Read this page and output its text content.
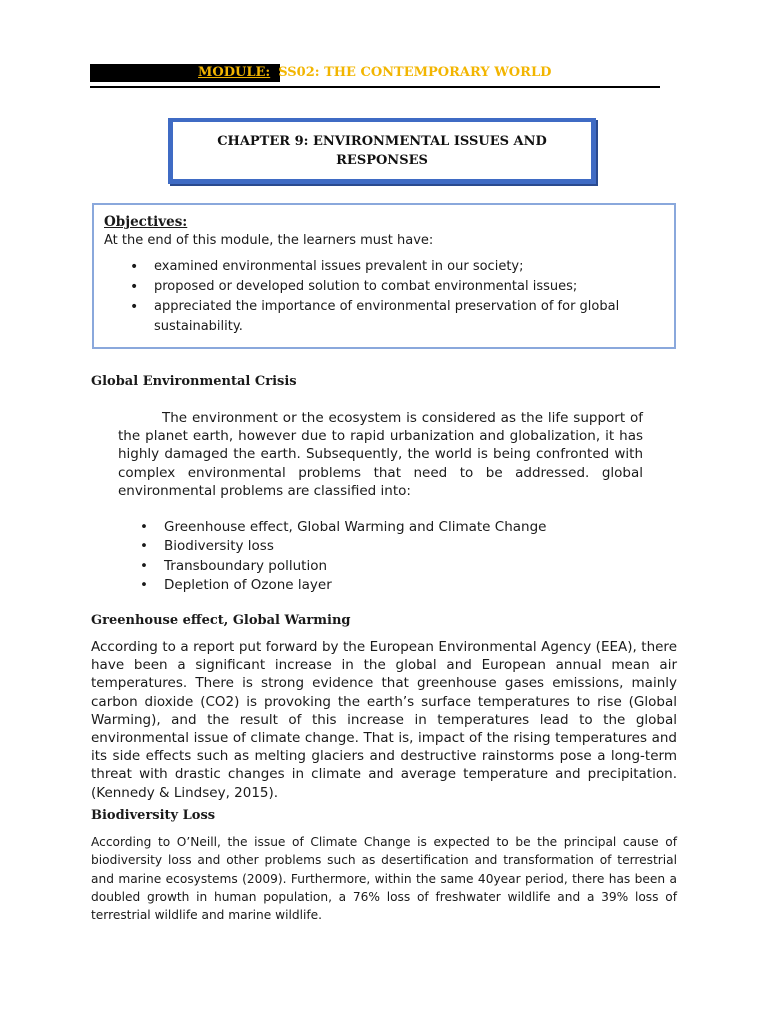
MODULE: SS02: THE CONTEMPORARY WORLD
CHAPTER 9: ENVIRONMENTAL ISSUES AND
RESPONSES
Objectives:
At the end of this module, the learners must have:
• examined environmental issues prevalent in our society;
• proposed or developed solution to combat environmental issues;
• appreciated the importance of environmental preservation of for global sustainability.
Global Environmental Crisis
The environment or the ecosystem is considered as the life support of the planet earth, however due to rapid urbanization and globalization, it has highly damaged the earth. Subsequently, the world is being confronted with complex environmental problems that need to be addressed. global environmental problems are classified into:
• Greenhouse effect, Global Warming and Climate Change
• Biodiversity loss
• Transboundary pollution
• Depletion of Ozone layer
Greenhouse effect, Global Warming
According to a report put forward by the European Environmental Agency (EEA), there have been a significant increase in the global and European annual mean air temperatures. There is strong evidence that greenhouse gases emissions, mainly carbon dioxide (CO2) is provoking the earth’s surface temperatures to rise (Global Warming), and the result of this increase in temperatures lead to the global environmental issue of climate change. That is, impact of the rising temperatures and its side effects such as melting glaciers and destructive rainstorms pose a long-term threat with drastic changes in climate and average temperature and precipitation. (Kennedy & Lindsey, 2015).
Biodiversity Loss
According to O’Neill, the issue of Climate Change is expected to be the principal cause of biodiversity loss and other problems such as desertification and transformation of terrestrial and marine ecosystems (2009). Furthermore, within the same 40year period, there has been a doubled growth in human population, a 76% loss of freshwater wildlife and a 39% loss of terrestrial wildlife and marine wildlife.
